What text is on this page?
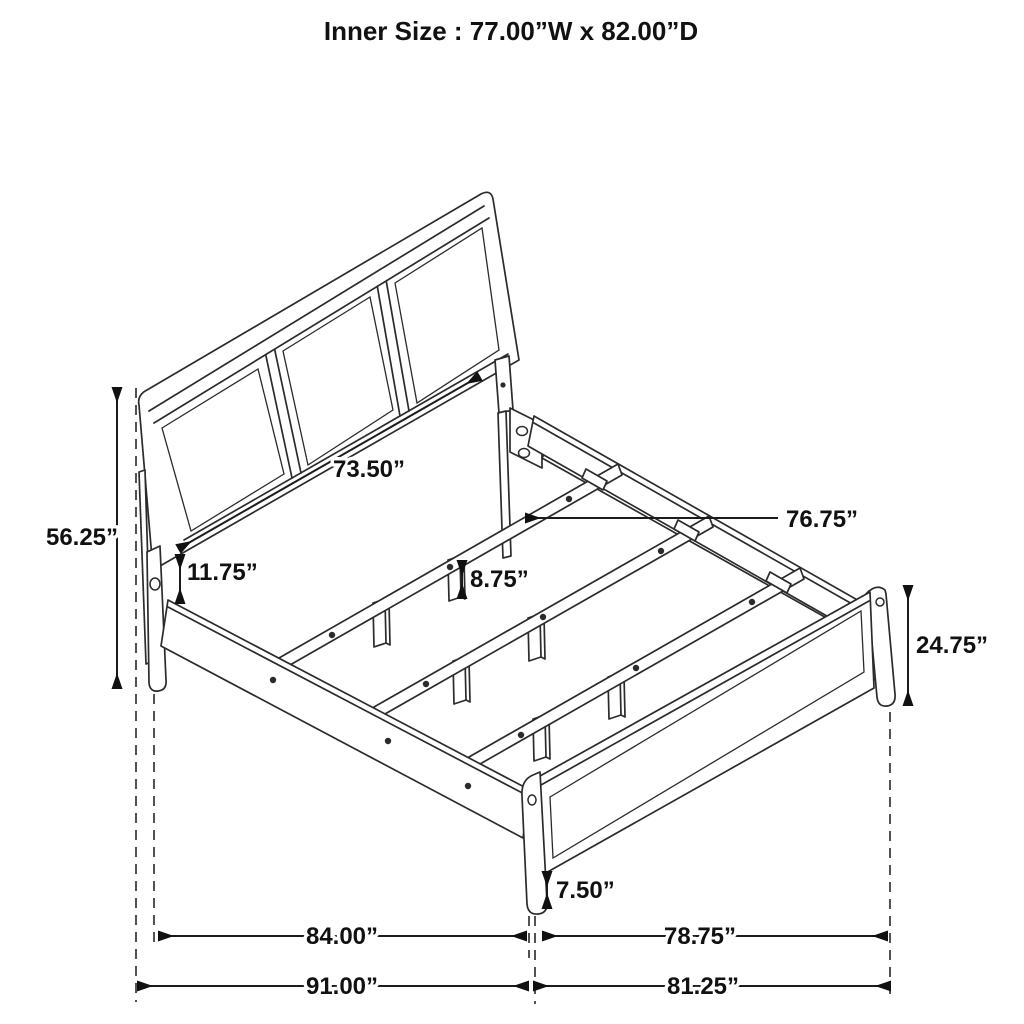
73.50”
56.25”
11.75”	8.75”
76.75”
24.75”
7.50”
84.00”	78.75”
91.00”	81.25”
Inner Size : 77.00”W x 82.00”D
